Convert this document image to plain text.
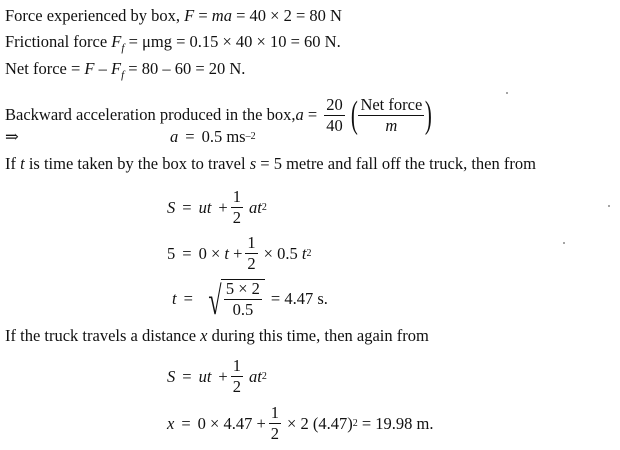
Force experienced by box, F = ma = 40 × 2 = 80 N
Frictional force $F_f = \mu mg = 0.15 \times 40 \times 10 = 60$ N.
Net force = $F - F_f = 80 - 60 = 20$ N.
Backward acceleration produced in the box, $a = \frac{20}{40}$ ( $\frac{\text{Net force}}{m}$ )
⇒	a = 0.5 ms –2
If t is time taken by the box to travel s = 5 metre and fall off the truck, then from
S = ut + $\frac{1}{2}$ at 2
$5 = 0 \times t + \frac{1}{2} \times 0.5$ t 2
t = √ $\frac{5 \times 2}{0.5} = 4.47$ s.
If the truck travels a distance x during this time, then again from
S = ut + $\frac{1}{2}$ at 2
$x = 0 \times 4.47 + \frac{1}{2} \times 2$ (4.47) 2 = 19.98 m.
